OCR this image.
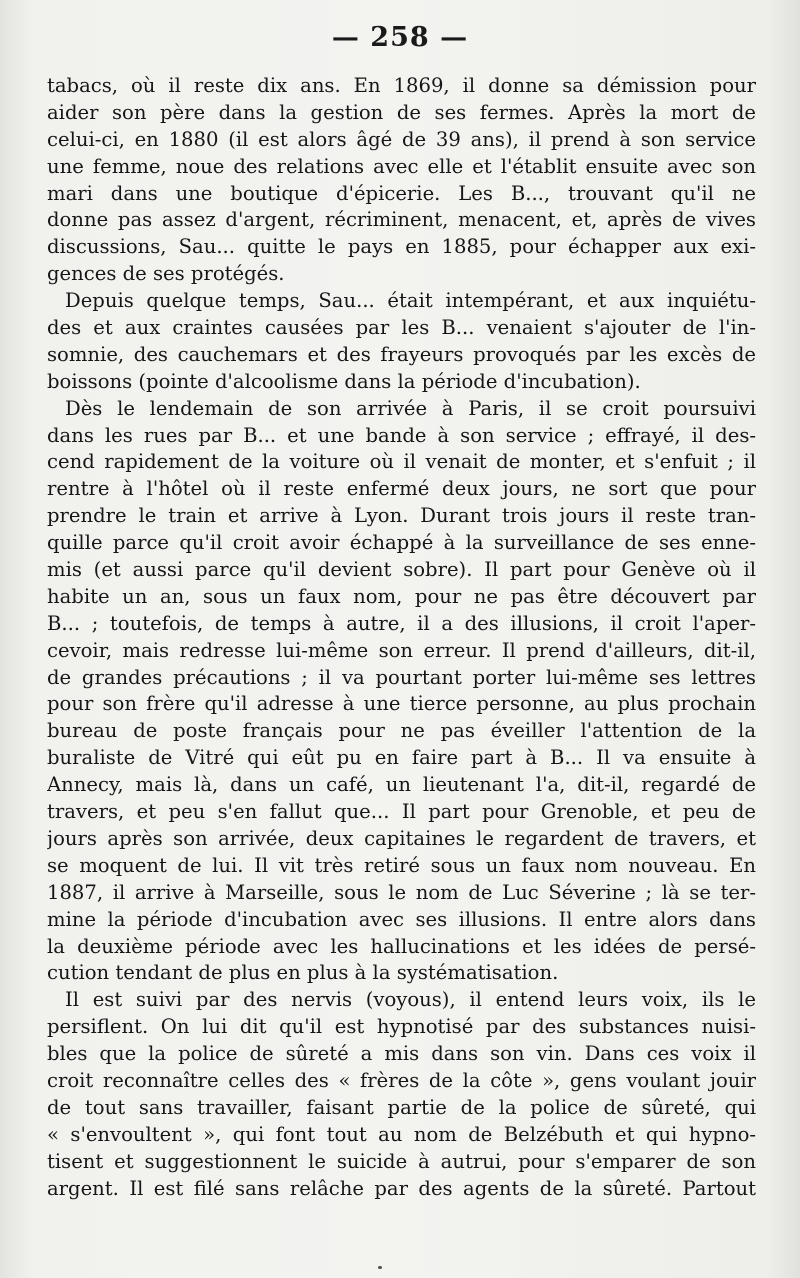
— 258 —
tabacs, où il reste dix ans. En 1869, il donne sa démission pour
aider son père dans la gestion de ses fermes. Après la mort de
celui-ci, en 1880 (il est alors âgé de 39 ans), il prend à son service
une femme, noue des relations avec elle et l'établit ensuite avec son
mari dans une boutique d'épicerie. Les B..., trouvant qu'il ne
donne pas assez d'argent, récriminent, menacent, et, après de vives
discussions, Sau... quitte le pays en 1885, pour échapper aux exi-
gences de ses protégés.
Depuis quelque temps, Sau... était intempérant, et aux inquiétu-
des et aux craintes causées par les B... venaient s'ajouter de l'in-
somnie, des cauchemars et des frayeurs provoqués par les excès de
boissons (pointe d'alcoolisme dans la période d'incubation).
Dès le lendemain de son arrivée à Paris, il se croit poursuivi
dans les rues par B... et une bande à son service ; effrayé, il des-
cend rapidement de la voiture où il venait de monter, et s'enfuit ; il
rentre à l'hôtel où il reste enfermé deux jours, ne sort que pour
prendre le train et arrive à Lyon. Durant trois jours il reste tran-
quille parce qu'il croit avoir échappé à la surveillance de ses enne-
mis (et aussi parce qu'il devient sobre). Il part pour Genève où il
habite un an, sous un faux nom, pour ne pas être découvert par
B... ; toutefois, de temps à autre, il a des illusions, il croit l'aper-
cevoir, mais redresse lui-même son erreur. Il prend d'ailleurs, dit-il,
de grandes précautions ; il va pourtant porter lui-même ses lettres
pour son frère qu'il adresse à une tierce personne, au plus prochain
bureau de poste français pour ne pas éveiller l'attention de la
buraliste de Vitré qui eût pu en faire part à B... Il va ensuite à
Annecy, mais là, dans un café, un lieutenant l'a, dit-il, regardé de
travers, et peu s'en fallut que... Il part pour Grenoble, et peu de
jours après son arrivée, deux capitaines le regardent de travers, et
se moquent de lui. Il vit très retiré sous un faux nom nouveau. En
1887, il arrive à Marseille, sous le nom de Luc Séverine ; là se ter-
mine la période d'incubation avec ses illusions. Il entre alors dans
la deuxième période avec les hallucinations et les idées de persé-
cution tendant de plus en plus à la systématisation.
Il est suivi par des nervis (voyous), il entend leurs voix, ils le
persiflent. On lui dit qu'il est hypnotisé par des substances nuisi-
bles que la police de sûreté a mis dans son vin. Dans ces voix il
croit reconnaître celles des « frères de la côte », gens voulant jouir
de tout sans travailler, faisant partie de la police de sûreté, qui
« s'envoultent », qui font tout au nom de Belzébuth et qui hypno-
tisent et suggestionnent le suicide à autrui, pour s'emparer de son
argent. Il est filé sans relâche par des agents de la sûreté. Partout
